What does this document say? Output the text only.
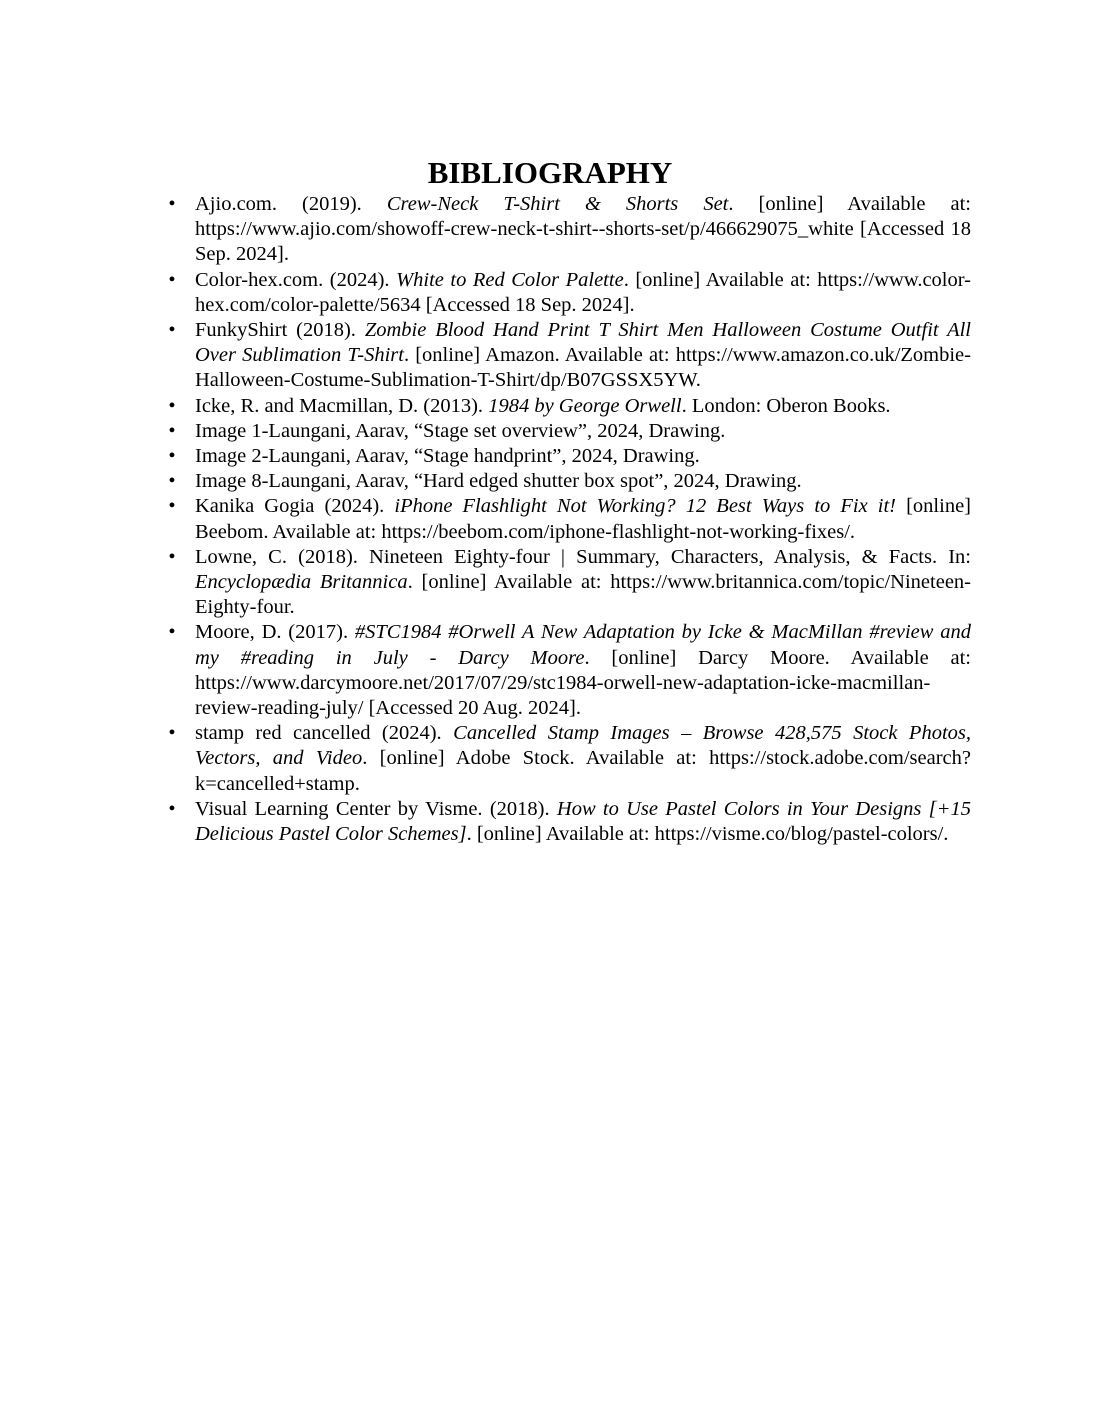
BIBLIOGRAPHY
• Ajio.com. (2019). Crew-Neck T-Shirt & Shorts Set. [online] Available at: https://www.ajio.com/showoff-crew-neck-t-shirt--shorts-set/p/466629075_white [Accessed 18 Sep. 2024].
• Color-hex.com. (2024). White to Red Color Palette. [online] Available at: https://www.color-hex.com/color-palette/5634 [Accessed 18 Sep. 2024].
• FunkyShirt (2018). Zombie Blood Hand Print T Shirt Men Halloween Costume Outfit All Over Sublimation T-Shirt. [online] Amazon. Available at: https://www.amazon.co.uk/Zombie-Halloween-Costume-Sublimation-T-Shirt/dp/B07GSSX5YW.
• Icke, R. and Macmillan, D. (2013). 1984 by George Orwell. London: Oberon Books.
• Image 1-Laungani, Aarav, “Stage set overview”, 2024, Drawing.
• Image 2-Laungani, Aarav, “Stage handprint”, 2024, Drawing.
• Image 8-Laungani, Aarav, “Hard edged shutter box spot”, 2024, Drawing.
• Kanika Gogia (2024). iPhone Flashlight Not Working? 12 Best Ways to Fix it! [online] Beebom. Available at: https://beebom.com/iphone-flashlight-not-working-fixes/.
• Lowne, C. (2018). Nineteen Eighty-four | Summary, Characters, Analysis, & Facts. In: Encyclopædia Britannica. [online] Available at: https://www.britannica.com/topic/Nineteen-Eighty-four.
• Moore, D. (2017). #STC1984 #Orwell A New Adaptation by Icke & MacMillan #review and my #reading in July - Darcy Moore. [online] Darcy Moore. Available at: https://www.darcymoore.net/2017/07/29/stc1984-orwell-new-adaptation-icke-macmillan-review-reading-july/ [Accessed 20 Aug. 2024].
• stamp red cancelled (2024). Cancelled Stamp Images – Browse 428,575 Stock Photos, Vectors, and Video. [online] Adobe Stock. Available at: https://stock.adobe.com/search?k=cancelled+stamp.
• Visual Learning Center by Visme. (2018). How to Use Pastel Colors in Your Designs [+15 Delicious Pastel Color Schemes]. [online] Available at: https://visme.co/blog/pastel-colors/.
